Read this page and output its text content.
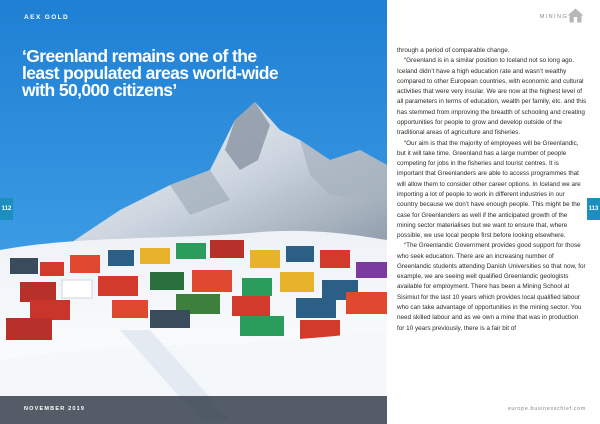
AEX GOLD
‘Greenland remains one of the least populated areas world-wide with 50,000 citizens’
112
NOVEMBER 2019
MINING

through a period of comparable change.

“Greenland is in a similar position to Iceland not so long ago. Iceland didn’t have a high education rate and wasn’t wealthy compared to other European countries, with economic and cultural activities that were very insular. We are now at the highest level of all parameters in terms of education, wealth per family, etc. and this has stemmed from improving the breadth of schooling and creating opportunities for people to grow and develop outside of the traditional areas of agriculture and fisheries.

“Our aim is that the majority of employees will be Greenlandic, but it will take time. Greenland has a large number of people competing for jobs in the fisheries and tourist centres. It is important that Greenlanders are able to access programmes that will allow them to consider other career options. In Iceland we are importing a lot of people to work in different industries in our country because we don’t have enough people. This might be the case for Greenlanders as well if the anticipated growth of the mining sector materialises but we want to ensure that, where possible, we use local people first before looking elsewhere.

“The Greenlandic Government provides good support for those who seek education. There are an increasing number of Greenlandic students attending Danish Universities so that now, for example, we are seeing well qualified Greenlandic geologists available for employment. There has been a Mining School at Sisimiut for the last 10 years which provides local qualified labour who can take advantage of opportunities in the mining sector. You need skilled labour and as we own a mine that was in production for 10 years previously, there is a fair bit of

113
europe.businesschief.com
